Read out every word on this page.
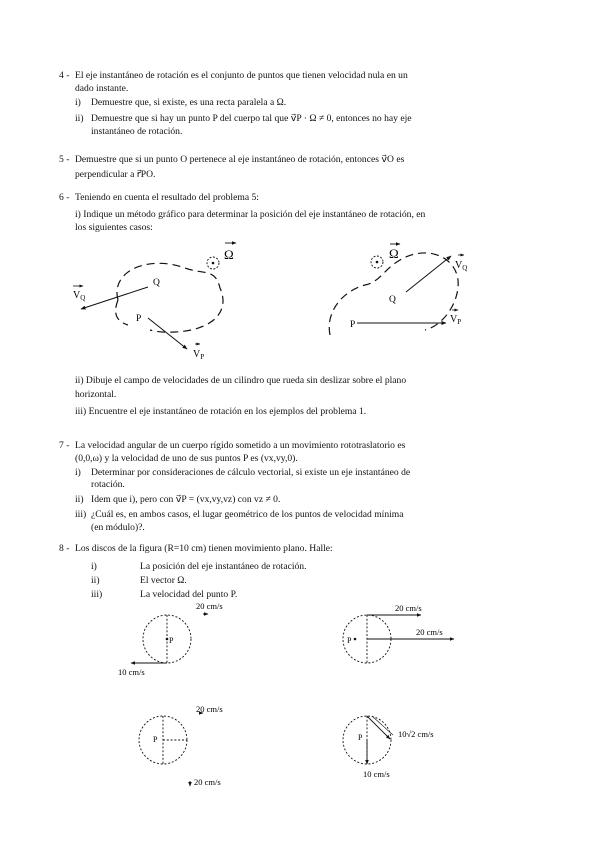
4 - El eje instantáneo de rotación es el conjunto de puntos que tienen velocidad nula en un
dado instante.
i) Demuestre que, si existe, es una recta paralela a Ω.
ii) Demuestre que si hay un punto P del cuerpo tal que v⃗P · Ω ≠ 0, entonces no hay eje
instantáneo de rotación.
5 - Demuestre que si un punto O pertenece al eje instantáneo de rotación, entonces v⃗O es
perpendicular a r⃗PO.
6 - Teniendo en cuenta el resultado del problema 5:
i) Indique un método gráfico para determinar la posición del eje instantáneo de rotación, en
los siguientes casos:
ii) Dibuje el campo de velocidades de un cilindro que rueda sin deslizar sobre el plano
horizontal.
iii) Encuentre el eje instantáneo de rotación en los ejemplos del problema 1.
7 - La velocidad angular de un cuerpo rígido sometido a un movimiento rototraslatorio es
(0,0,ω) y la velocidad de uno de sus puntos P es (vx,vy,0).
i) Determinar por consideraciones de cálculo vectorial, si existe un eje instantáneo de
rotación.
ii) Idem que i), pero con v⃗P = (vx,vy,vz) con vz ≠ 0.
iii) ¿Cuál es, en ambos casos, el lugar geométrico de los puntos de velocidad mínima
(en módulo)?.
8 - Los discos de la figura (R=10 cm) tienen movimiento plano. Halle:
i)	La posición del eje instantáneo de rotación.
ii)	El vector Ω.
iii)	La velocidad del punto P.
Ω
$V_Q$
Q
P
$V_P$
Ω
$V_Q$
Q
P	$V_P$
P
20 cm/s
10 cm/s
P
20 cm/s
20 cm/s
P
20 cm/s
20 cm/s
P	10√2 cm/s
10 cm/s
